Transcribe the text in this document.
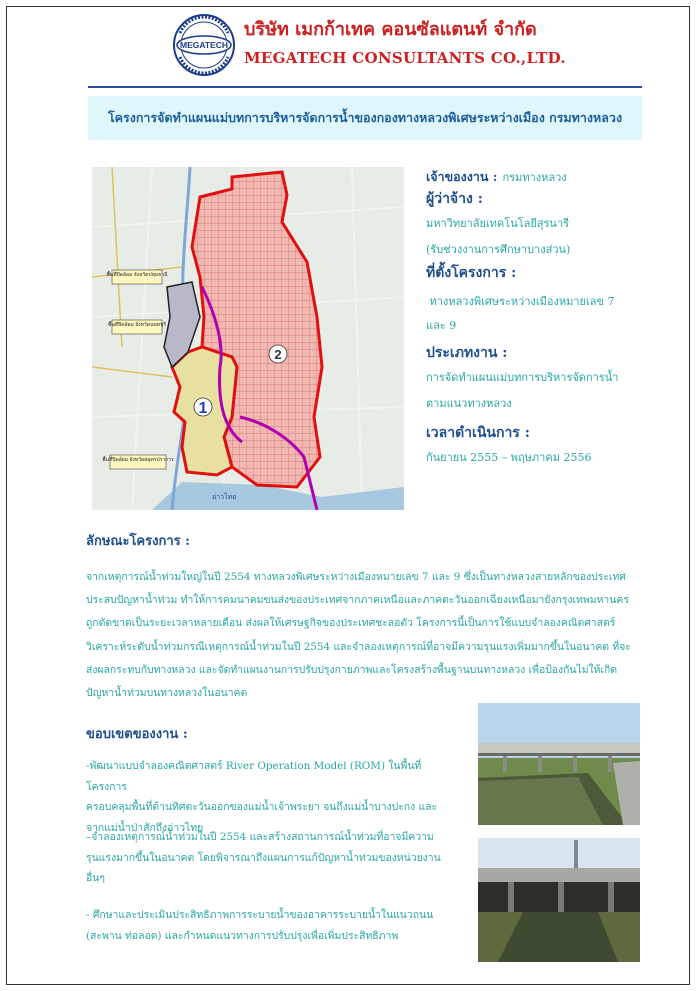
MEGATECH
บริษัท เมกก้าเทค คอนซัลแตนท์ จำกัด
MEGATECH CONSULTANTS CO.,LTD.
โครงการจัดทำแผนแม่บทการบริหารจัดการน้ำของกองทางหลวงพิเศษระหว่างเมือง กรมทางหลวง
พื้นที่ปิดล้อม จังหวัดปทุมธานี
พื้นที่ปิดล้อม จังหวัดนนทบุรี
พื้นที่ปิดล้อม จังหวัดสมุทรปราการ
อ่าวไทย
1
2
เจ้าของงาน : กรมทางหลวง
ผู้ว่าจ้าง :
มหาวิทยาลัยเทคโนโลยีสุรนารี
(รับช่วงงานการศึกษาบางส่วน)
ที่ตั้งโครงการ :
ทางหลวงพิเศษระหว่างเมืองหมายเลข 7
และ 9
ประเภทงาน :
การจัดทำแผนแม่บทการบริหารจัดการน้ำ
ตามแนวทางหลวง
เวลาดำเนินการ :
กันยายน 2555 – พฤษภาคม 2556
ลักษณะโครงการ :
จากเหตุการณ์น้ำท่วมใหญ่ในปี 2554 ทางหลวงพิเศษระหว่างเมืองหมายเลข 7 และ 9 ซึ่งเป็นทางหลวงสายหลักของประเทศ
ประสบปัญหาน้ำท่วม ทำให้การคมนาคมขนส่งของประเทศจากภาคเหนือและภาคตะวันออกเฉียงเหนือมายังกรุงเทพมหานคร
ถูกตัดขาดเป็นระยะเวลาหลายเดือน ส่งผลให้เศรษฐกิจของประเทศชะลอตัว โครงการนี้เป็นการใช้แบบจำลองคณิตศาสตร์
วิเคราะห์ระดับน้ำท่วมกรณีเหตุการณ์น้ำท่วมในปี 2554 และจำลองเหตุการณ์ที่อาจมีความรุนแรงเพิ่มมากขึ้นในอนาคต ที่จะ
ส่งผลกระทบกับทางหลวง และจัดทำแผนงานการปรับปรุงกายภาพและโครงสร้างพื้นฐานบนทางหลวง เพื่อป้องกันไม่ให้เกิด
ปัญหาน้ำท่วมบนทางหลวงในอนาคต
ขอบเขตของงาน :
-พัฒนาแบบจำลองคณิตศาสตร์ River Operation Model (ROM) ในพื้นที่โครงการ
ครอบคลุมพื้นที่ด้านทิศตะวันออกของแม่น้ำเจ้าพระยา จนถึงแม่น้ำบางปะกง และ
จากแม่น้ำป่าสักถึงอ่าวไทย
–จำลองเหตุการณ์น้ำท่วมในปี 2554 และสร้างสถานการณ์น้ำท่วมที่อาจมีความ
รุนแรงมากขึ้นในอนาคต โดยพิจารณาถึงแผนการแก้ปัญหาน้ำท่วมของหน่วยงาน
อื่นๆ
- ศึกษาและประเมินประสิทธิภาพการระบายน้ำของอาคารระบายน้ำในแนวถนน
(สะพาน ท่อลอด) และกำหนดแนวทางการปรับปรุงเพื่อเพิ่มประสิทธิภาพ
